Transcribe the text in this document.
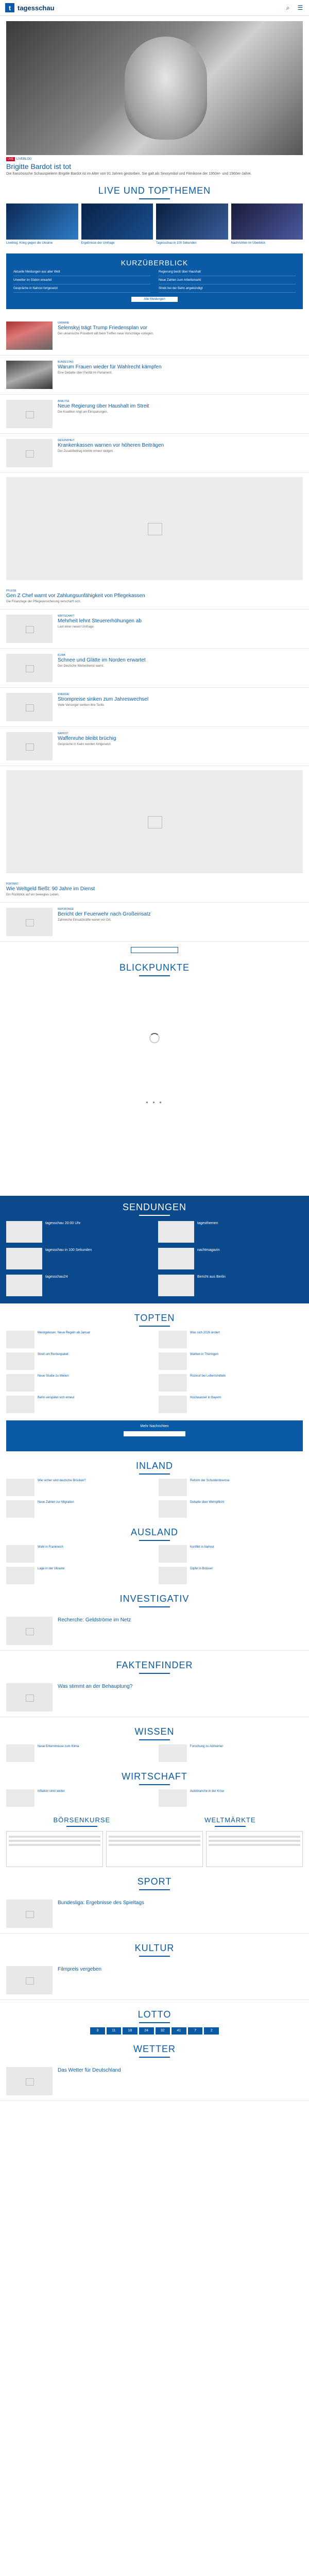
t tagesschau	⌕	☰
LIVE LIVEBLOG
Brigitte Bardot ist tot
Die französische Schauspielerin Brigitte Bardot ist im Alter von 91 Jahren gestorben. Sie galt als Sexsymbol und Filmikone der 1950er- und 1960er-Jahre.
LIVE UND TOPTHEMEN
Liveblog: Krieg gegen die Ukraine	Ergebnisse der Umfrage	Tagesschau in 100 Sekunden	Nachrichten im Überblick
KURZÜBERBLICK
Aktuelle Meldungen aus aller Welt	Regierung berät über Haushalt
Unwetter im Süden erwartet	Neue Zahlen zum Arbeitsmarkt
Gespräche in Nahost fortgesetzt	Streik bei der Bahn angekündigt
Alle Meldungen
UKRAINE
Selenskyj trägt Trump Friedensplan vor
Der ukrainische Präsident will beim Treffen neue Vorschläge vorlegen.
BUNDESTAG
Warum Frauen wieder für Wahlrecht kämpfen
Eine Debatte über Parität im Parlament.
ANALYSE
Neue Regierung über Haushalt im Streit
Die Koalition ringt um Einsparungen.
GESUNDHEIT
Krankenkassen warnen vor höheren Beiträgen
Der Zusatzbeitrag könnte erneut steigen.
PFLEGE
Gen Z Chef warnt vor Zahlungsunfähigkeit von Pflegekassen
Die Finanzlage der Pflegeversicherung verschärft sich.
WIRTSCHAFT
Mehrheit lehnt Steuererhöhungen ab
Laut einer neuen Umfrage.
KLIMA
Schnee und Glätte im Norden erwartet
Der Deutsche Wetterdienst warnt.
ENERGIE
Strompreise sinken zum Jahreswechsel
Viele Versorger senken ihre Tarife.
NAHOST
Waffenruhe bleibt brüchig
Gespräche in Kairo werden fortgesetzt.
PORTRÄT
Wie Weltgeld fließt: 90 Jahre im Dienst
Ein Rückblick auf ein bewegtes Leben.
REPORTAGE
Bericht der Feuerwehr nach Großeinsatz
Zahlreiche Einsatzkräfte waren vor Ort.
BLICKPUNKTE
● ● ●
SENDUNGEN
tagesschau 20:00 Uhr	tagesthemen
tagesschau in 100 Sekunden	nachtmagazin
tagesschau24	Bericht aus Berlin
TOPTEN
Meistgelesen: Neue Regeln ab Januar	Was sich 2026 ändert
Streit um Rentenpaket	Wahlen in Thüringen
Neue Studie zu Mieten	Rückruf bei Lebensmitteln
Bahn verspätet sich erneut	Hochwasser in Bayern
Mehr Nachrichten
INLAND
Wie sicher sind deutsche Brücken?	Reform der Schuldenbremse
Neue Zahlen zur Migration	Debatte über Wehrpflicht
AUSLAND
Wahl in Frankreich	Konflikt in Nahost
Lage in der Ukraine	Gipfel in Brüssel
INVESTIGATIV
Recherche: Geldströme im Netz
FAKTENFINDER
Was stimmt an der Behauptung?
WISSEN
Neue Erkenntnisse zum Klima	Forschung zu Alzheimer
WIRTSCHAFT
Inflation sinkt weiter	Autobranche in der Krise
BÖRSENKURSE	WELTMÄRKTE
SPORT
Bundesliga: Ergebnisse des Spieltags
KULTUR
Filmpreis vergeben
LOTTO
3	11	18	24	32	41	7	2
WETTER
Das Wetter für Deutschland
